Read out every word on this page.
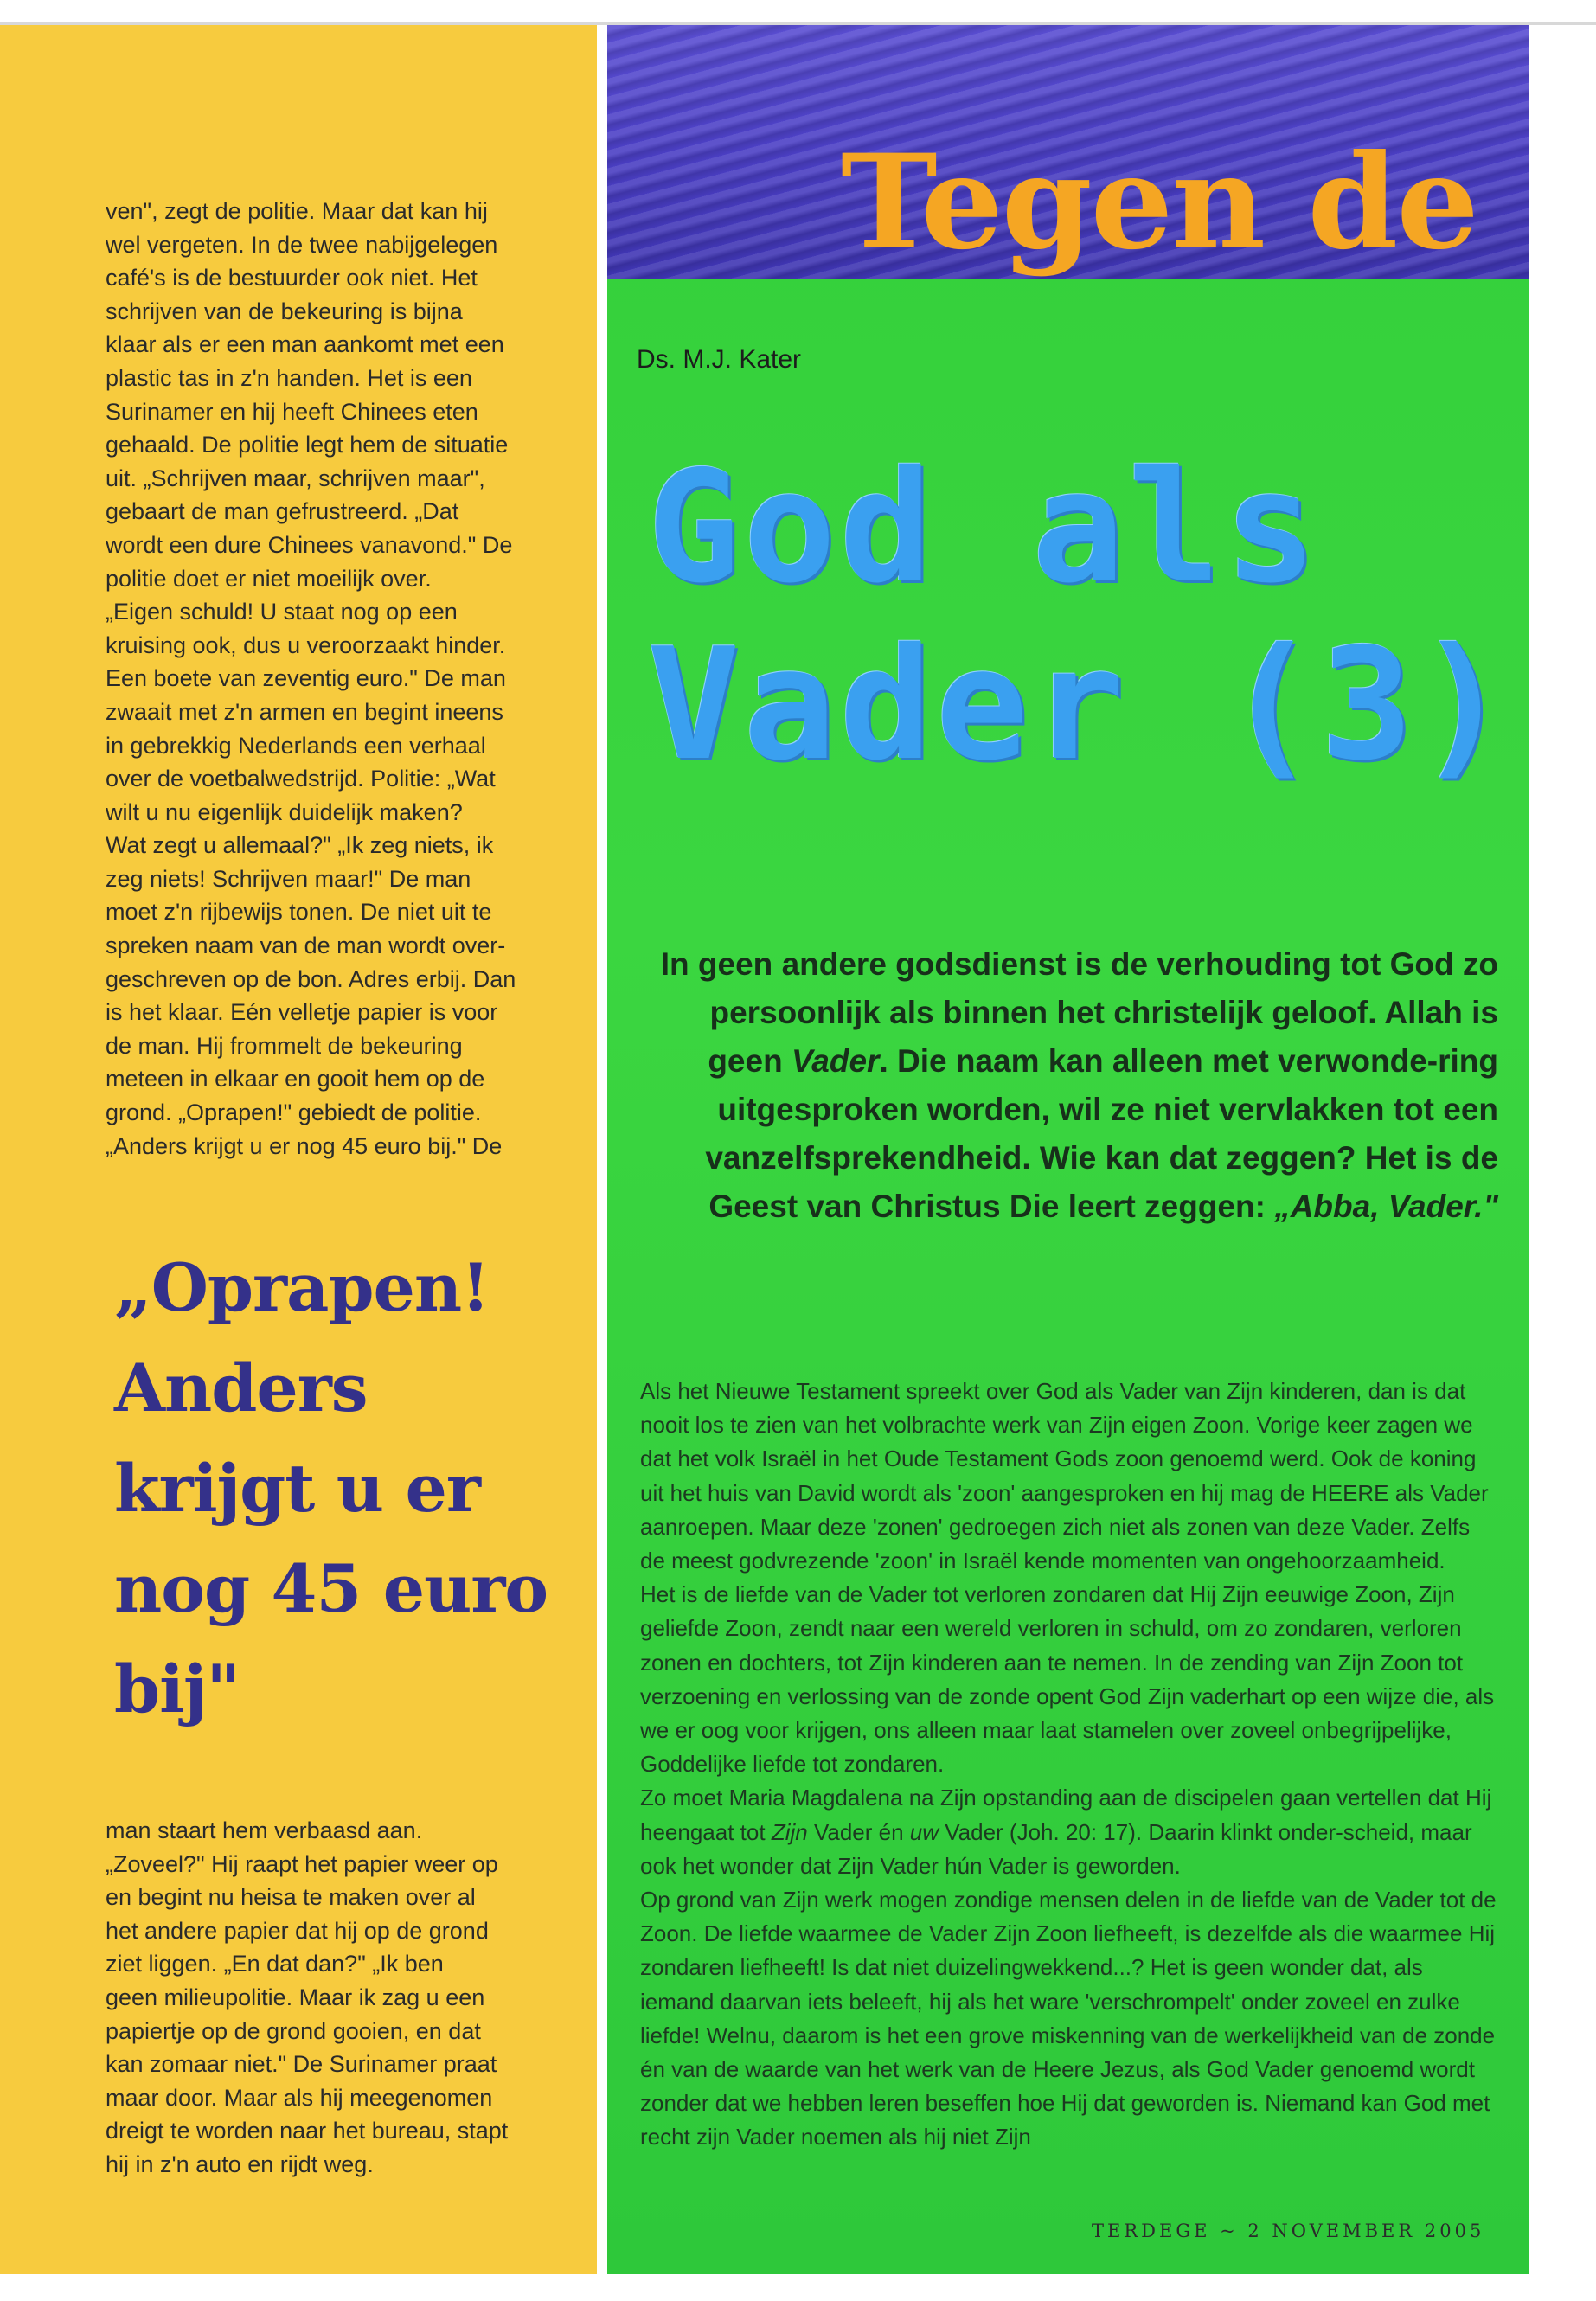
ven", zegt de politie. Maar dat kan hij
wel vergeten. In de twee nabijgelegen
café's is de bestuurder ook niet. Het
schrijven van de bekeuring is bijna
klaar als er een man aankomt met een
plastic tas in z'n handen. Het is een
Surinamer en hij heeft Chinees eten
gehaald. De politie legt hem de situatie
uit. „Schrijven maar, schrijven maar",
gebaart de man gefrustreerd. „Dat
wordt een dure Chinees vanavond." De
politie doet er niet moeilijk over.
„Eigen schuld! U staat nog op een
kruising ook, dus u veroorzaakt hinder.
Een boete van zeventig euro." De man
zwaait met z'n armen en begint ineens
in gebrekkig Nederlands een verhaal
over de voetbalwedstrijd. Politie: „Wat
wilt u nu eigenlijk duidelijk maken?
Wat zegt u allemaal?" „Ik zeg niets, ik
zeg niets! Schrijven maar!" De man
moet z'n rijbewijs tonen. De niet uit te
spreken naam van de man wordt over-
geschreven op de bon. Adres erbij. Dan
is het klaar. Eén velletje papier is voor
de man. Hij frommelt de bekeuring
meteen in elkaar en gooit hem op de
grond. „Oprapen!" gebiedt de politie.
„Anders krijgt u er nog 45 euro bij." De

„Oprapen!
Anders
krijgt u er
nog 45 euro
bij"

man staart hem verbaasd aan.
„Zoveel?" Hij raapt het papier weer op
en begint nu heisa te maken over al
het andere papier dat hij op de grond
ziet liggen. „En dat dan?" „Ik ben
geen milieupolitie. Maar ik zag u een
papiertje op de grond gooien, en dat
kan zomaar niet." De Surinamer praat
maar door. Maar als hij meegenomen
dreigt te worden naar het bureau, stapt
hij in z'n auto en rijdt weg.

Tegen de

Ds. M.J. Kater

God als
Vader (3)

In geen andere godsdienst is de verhouding tot God zo persoonlijk als binnen het christelijk geloof. Allah is geen Vader. Die naam kan alleen met verwonde-ring uitgesproken worden, wil ze niet vervlakken tot een vanzelfsprekendheid. Wie kan dat zeggen? Het is de Geest van Christus Die leert zeggen: „Abba, Vader."

Als het Nieuwe Testament spreekt over God als Vader van Zijn kinderen, dan is dat nooit los te zien van het volbrachte werk van Zijn eigen Zoon. Vorige keer zagen we dat het volk Israël in het Oude Testament Gods zoon genoemd werd. Ook de koning uit het huis van David wordt als 'zoon' aangesproken en hij mag de HEERE als Vader aanroepen. Maar deze 'zonen' gedroegen zich niet als zonen van deze Vader. Zelfs de meest godvrezende 'zoon' in Israël kende momenten van ongehoorzaamheid.

Het is de liefde van de Vader tot verloren zondaren dat Hij Zijn eeuwige Zoon, Zijn geliefde Zoon, zendt naar een wereld verloren in schuld, om zo zondaren, verloren zonen en dochters, tot Zijn kinderen aan te nemen. In de zending van Zijn Zoon tot verzoening en verlossing van de zonde opent God Zijn vaderhart op een wijze die, als we er oog voor krijgen, ons alleen maar laat stamelen over zoveel onbegrijpelijke, Goddelijke liefde tot zondaren.

Zo moet Maria Magdalena na Zijn opstanding aan de discipelen gaan vertellen dat Hij heengaat tot Zijn Vader én uw Vader (Joh. 20: 17). Daarin klinkt onder-scheid, maar ook het wonder dat Zijn Vader hún Vader is geworden.

Op grond van Zijn werk mogen zondige mensen delen in de liefde van de Vader tot de Zoon. De liefde waarmee de Vader Zijn Zoon liefheeft, is dezelfde als die waarmee Hij zondaren liefheeft! Is dat niet duizelingwekkend...? Het is geen wonder dat, als iemand daarvan iets beleeft, hij als het ware 'verschrompelt' onder zoveel en zulke liefde! Welnu, daarom is het een grove miskenning van de werkelijkheid van de zonde én van de waarde van het werk van de Heere Jezus, als God Vader genoemd wordt zonder dat we hebben leren beseffen hoe Hij dat geworden is. Niemand kan God met recht zijn Vader noemen als hij niet Zijn

TERDEGE ~ 2 NOVEMBER 2005
